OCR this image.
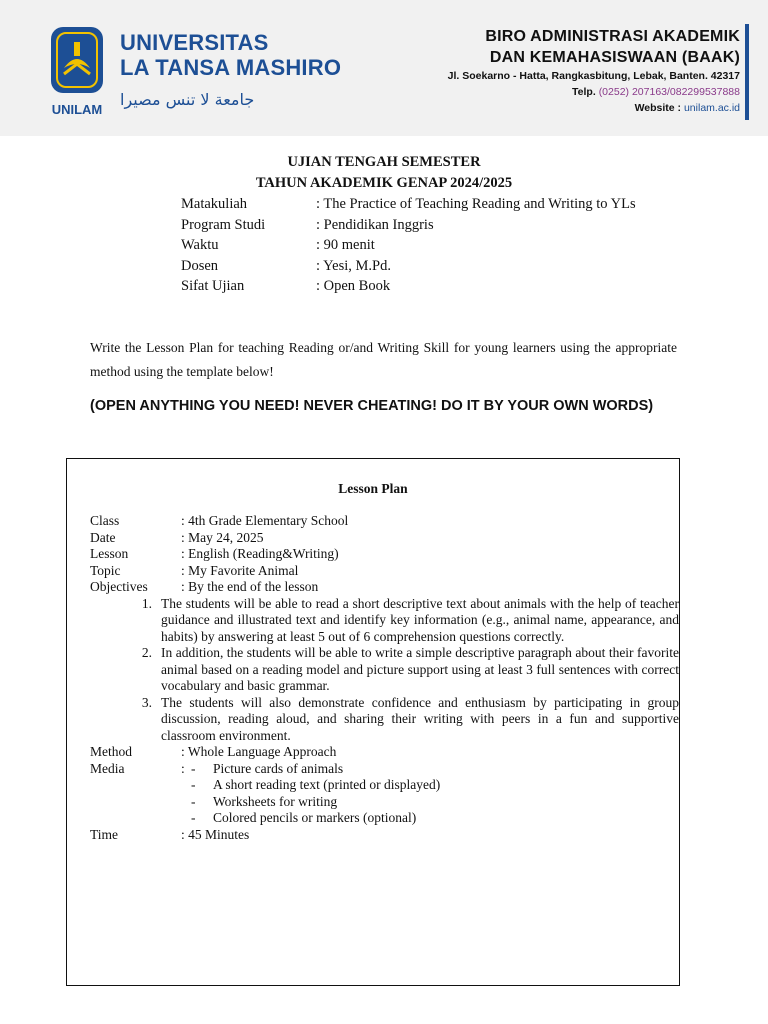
UNILAM
UNIVERSITAS
LA TANSA MASHIRO
جامعة لا تنس مصيرا
BIRO ADMINISTRASI AKADEMIK
DAN KEMAHASISWAAN (BAAK)
Jl. Soekarno - Hatta, Rangkasbitung, Lebak, Banten. 42317
Telp. (0252) 207163/082299537888
Website : unilam.ac.id
UJIAN TENGAH SEMESTER
TAHUN AKADEMIK GENAP 2024/2025
Matakuliah	: The Practice of Teaching Reading and Writing to YLs
Program Studi	: Pendidikan Inggris
Waktu	: 90 menit
Dosen	: Yesi, M.Pd.
Sifat Ujian	: Open Book
Write the Lesson Plan for teaching Reading or/and Writing Skill for young learners using the appropriate method using the template below!
(OPEN ANYTHING YOU NEED! NEVER CHEATING! DO IT BY YOUR OWN WORDS)
Lesson Plan
Class	: 4th Grade Elementary School
Date	: May 24, 2025
Lesson	: English (Reading&Writing)
Topic	: My Favorite Animal
Objectives	: By the end of the lesson
1. The students will be able to read a short descriptive text about animals with the help of teacher guidance and illustrated text and identify key information (e.g., animal name, appearance, and habits) by answering at least 5 out of 6 comprehension questions correctly.
2. In addition, the students will be able to write a simple descriptive paragraph about their favorite animal based on a reading model and picture support using at least 3 full sentences with correct vocabulary and basic grammar.
3. The students will also demonstrate confidence and enthusiasm by participating in group discussion, reading aloud, and sharing their writing with peers in a fun and supportive classroom environment.
Method	: Whole Language Approach
Media	: -	Picture cards of animals
-	A short reading text (printed or displayed)
-	Worksheets for writing
-	Colored pencils or markers (optional)
Time	: 45 Minutes
